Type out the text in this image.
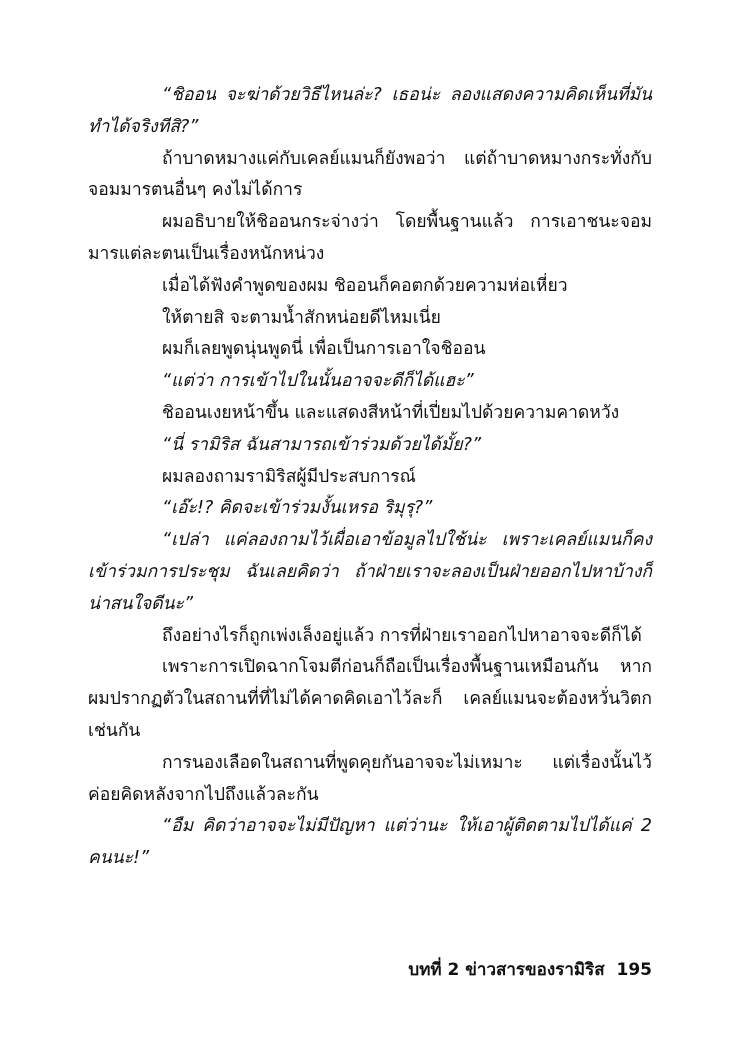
“ชิออน จะฆ่าด้วยวิธีไหนล่ะ? เธอน่ะ ลองแสดงความคิดเห็นที่มันทำได้จริงทีสิ?”

ถ้าบาดหมางแค่กับเคลย์แมนก็ยังพอว่า แต่ถ้าบาดหมางกระทั่งกับจอมมารตนอื่นๆ คงไม่ได้การ

ผมอธิบายให้ชิออนกระจ่างว่า โดยพื้นฐานแล้ว การเอาชนะจอมมารแต่ละตนเป็นเรื่องหนักหน่วง

เมื่อได้ฟังคำพูดของผม ชิออนก็คอตกด้วยความห่อเหี่ยว

ให้ตายสิ จะตามน้ำสักหน่อยดีไหมเนี่ย

ผมก็เลยพูดนุ่นพูดนี่ เพื่อเป็นการเอาใจชิออน

“แต่ว่า การเข้าไปในนั้นอาจจะดีก็ได้แฮะ”

ชิออนเงยหน้าขึ้น และแสดงสีหน้าที่เปี่ยมไปด้วยความคาดหวัง

“นี่ รามิริส ฉันสามารถเข้าร่วมด้วยได้มั้ย?”

ผมลองถามรามิริสผู้มีประสบการณ์

“เอ๊ะ!? คิดจะเข้าร่วมงั้นเหรอ ริมุรุ?”

“เปล่า แค่ลองถามไว้เผื่อเอาข้อมูลไปใช้น่ะ เพราะเคลย์แมนก็คงเข้าร่วมการประชุม ฉันเลยคิดว่า ถ้าฝ่ายเราจะลองเป็นฝ่ายออกไปหาบ้างก็น่าสนใจดีนะ”

ถึงอย่างไรก็ถูกเพ่งเล็งอยู่แล้ว การที่ฝ่ายเราออกไปหาอาจจะดีก็ได้

เพราะการเปิดฉากโจมตีก่อนก็ถือเป็นเรื่องพื้นฐานเหมือนกัน หากผมปรากฏตัวในสถานที่ที่ไม่ได้คาดคิดเอาไว้ละก็ เคลย์แมนจะต้องหวั่นวิตกเช่นกัน

การนองเลือดในสถานที่พูดคุยกันอาจจะไม่เหมาะ แต่เรื่องนั้นไว้ค่อยคิดหลังจากไปถึงแล้วละกัน

“อืม คิดว่าอาจจะไม่มีปัญหา แต่ว่านะ ให้เอาผู้ติดตามไปได้แค่ 2 คนนะ!”

บทที่ 2 ข่าวสารของรามิริส 195
